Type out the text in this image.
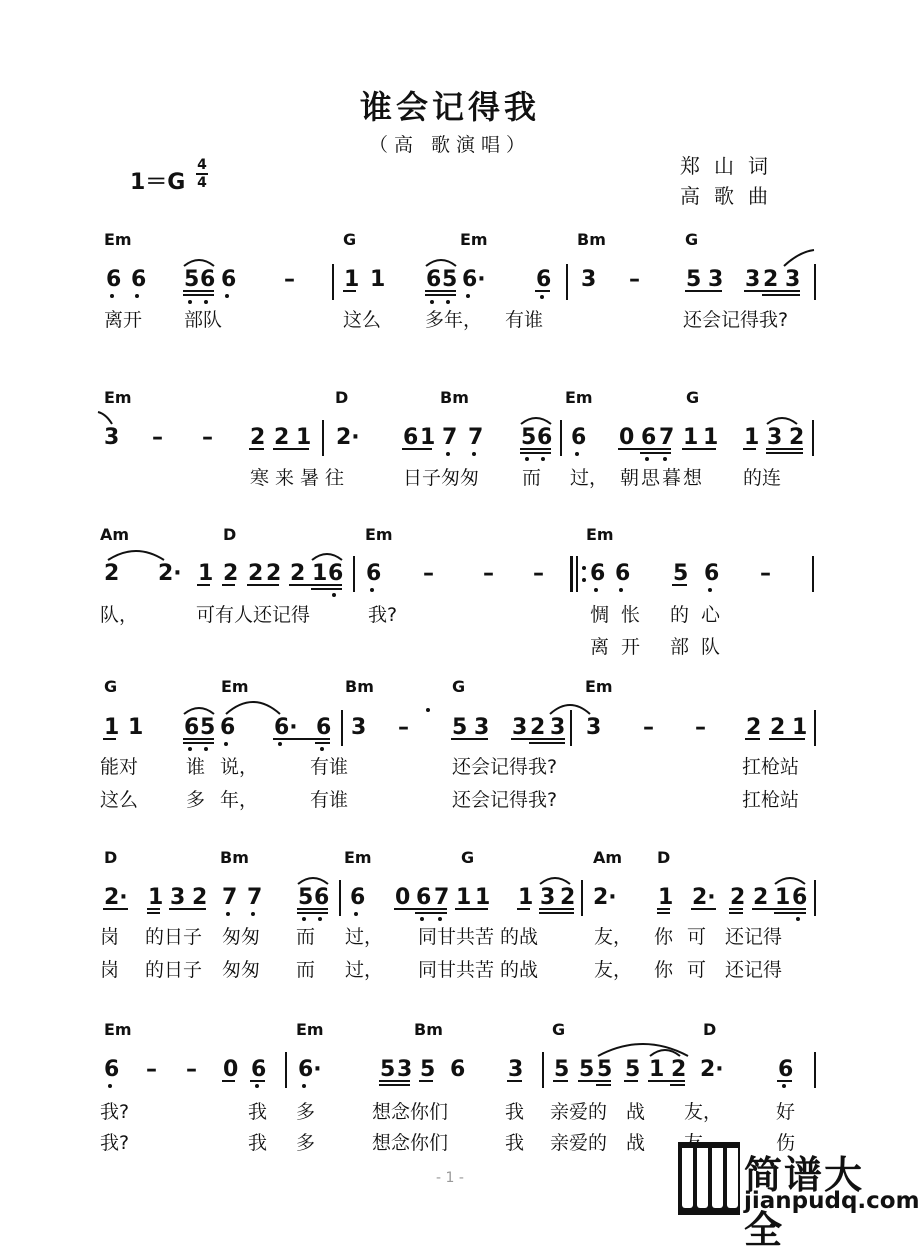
谁会记得我
（高 歌演唱）
郑山词
高歌曲
1＝G
4
4
Em	G	Em	Bm	G
6 6 5 6 6 – 1 1 6 5 6· 6 3 – 5 3 3 2 3
离开 部队	这么 多年， 有谁	还会记得我?
Em	D	Bm	Em	G
3 – – 2 2 1 2· 6 1 7 7 5 6 6 0 6 7 1 1 1 3 2
寒来暑往	日子匆匆 而 过， 朝思暮想 的连
Am	D	Em	Em
2 2· 1 2 2 2 2 1 6 6 – – – 6 6 5 6 –
队，	可有人还记得	我?	惆怅 的心
离开 部队
G	Em	Bm	G	Em
1 1 6 5 6 6· 6 3 – 5 3 3 2 3 3 – – 2 2 1
能对	谁 说，	有谁	还会记得我?	扛枪站
这么	多 年，	有谁	还会记得我?	扛枪站
D	Bm	Em	G	Am D
2· 1 3 2 7 7 5 6 6 0 6 7 1 1 1 3 2 2· 1 2· 2 2 1 6
岗 的日子 匆匆 而 过， 同甘共苦 的战	友， 你可 还记得
岗 的日子 匆匆 而 过， 同甘共苦 的战	友， 你可 还记得
Em	Em	Bm	G	D
6 – – 0 6 6·	5 3 5 6 3 5 5 5 5 1 2 2· 6
我?	我 多	想念你们	我 亲爱的 战 友，	好
我?	我 多	想念你们	我 亲爱的 战	伤
- 1 -	简谱大全
jianpudq.com
